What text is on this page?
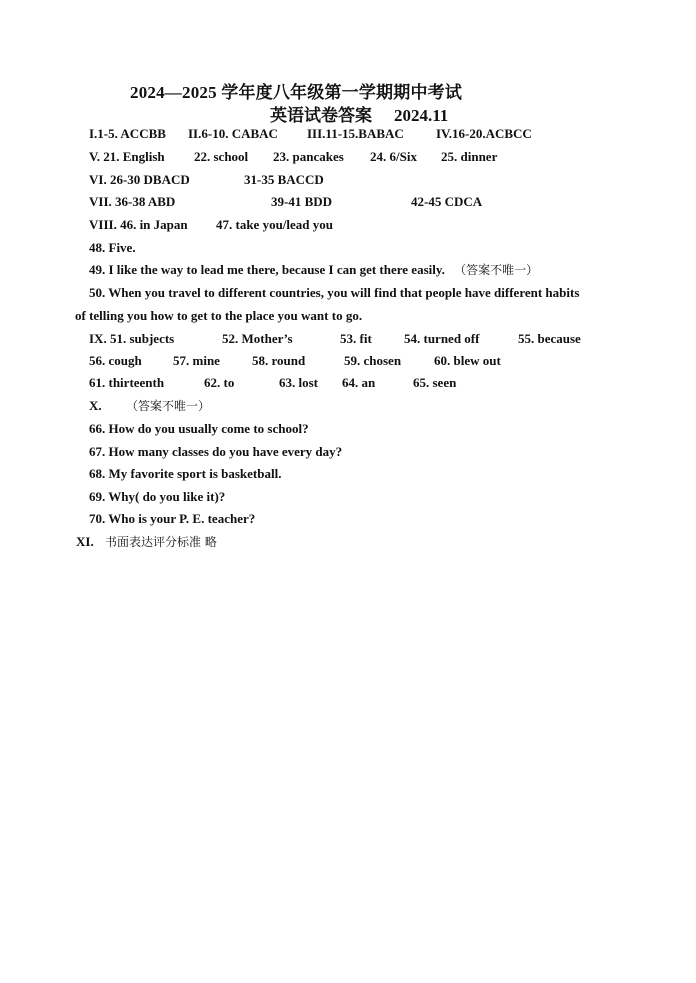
2024—2025 学年度八年级第一学期期中考试
英语试卷答案 2024.11
I.1-5. ACCBB II.6-10. CABAC III.11-15.BABAC IV.16-20.ACBCC
V. 21. English 22. school 23. pancakes 24. 6/Six 25. dinner
VI. 26-30 DBACD	31-35 BACCD
VII. 36-38 ABD	39-41 BDD	42-45 CDCA
VIII. 46. in Japan 47. take you/lead you
48. Five.
49. I like the way to lead me there, because I can get there easily. （答案不唯一）
50. When you travel to different countries, you will find that people have different habits
of telling you how to get to the place you want to go.
IX. 51. subjects	52. Mother’s	53. fit 54. turned off	55. because
56. cough 57. mine 58. round	59. chosen	60. blew out
61. thirteenth	62. to	63. lost 64. an	65. seen
X. （答案不唯一）
66. How do you usually come to school?
67. How many classes do you have every day?
68. My favorite sport is basketball.
69. Why( do you like it)?
70. Who is your P. E. teacher?
XI. 书面表达评分标准 略
